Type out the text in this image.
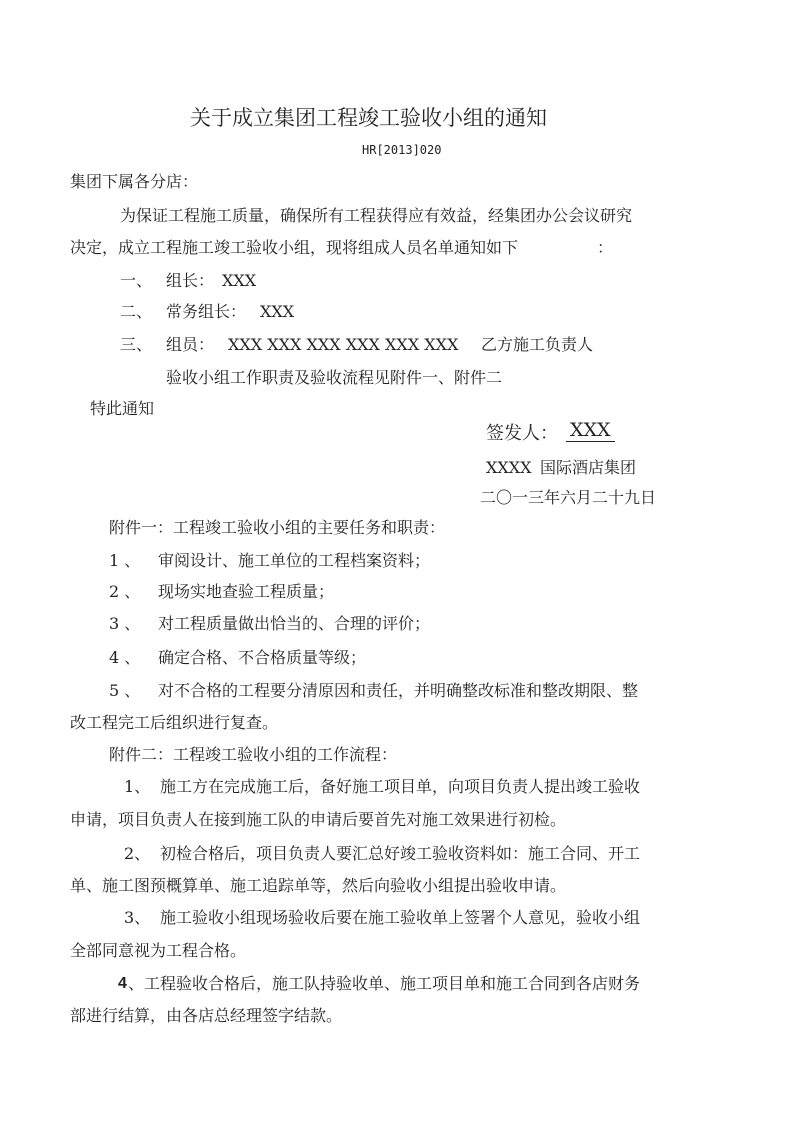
关于成立集团工程竣工验收小组的通知
HR[2013]020
集团下属各分店：
为保证工程施工质量，确保所有工程获得应有效益，经集团办公会议研究
决定，成立工程施工竣工验收小组，现将组成人员名单通知如下	：
一、 组长： XXX
二、 常务组长： XXX
三、 组员： XXX XXX XXX XXX XXX XXX 乙方施工负责人
验收小组工作职责及验收流程见附件一、附件二
特此通知
签发人： XXX
XXXX 国际酒店集团
二〇一三年六月二十九日
附件一：工程竣工验收小组的主要任务和职责：
1 、 审阅设计、施工单位的工程档案资料；
2 、 现场实地查验工程质量；
3 、 对工程质量做出恰当的、合理的评价；
4 、 确定合格、不合格质量等级；
5 、 对不合格的工程要分清原因和责任，并明确整改标准和整改期限、整
改工程完工后组织进行复查。
附件二：工程竣工验收小组的工作流程：
1、 施工方在完成施工后，备好施工项目单，向项目负责人提出竣工验收
申请，项目负责人在接到施工队的申请后要首先对施工效果进行初检。
2、 初检合格后，项目负责人要汇总好竣工验收资料如：施工合同、开工
单、施工图预概算单、施工追踪单等，然后向验收小组提出验收申请。
3、 施工验收小组现场验收后要在施工验收单上签署个人意见，验收小组
全部同意视为工程合格。
4 、工程验收合格后，施工队持验收单、施工项目单和施工合同到各店财务
部进行结算，由各店总经理签字结款。
